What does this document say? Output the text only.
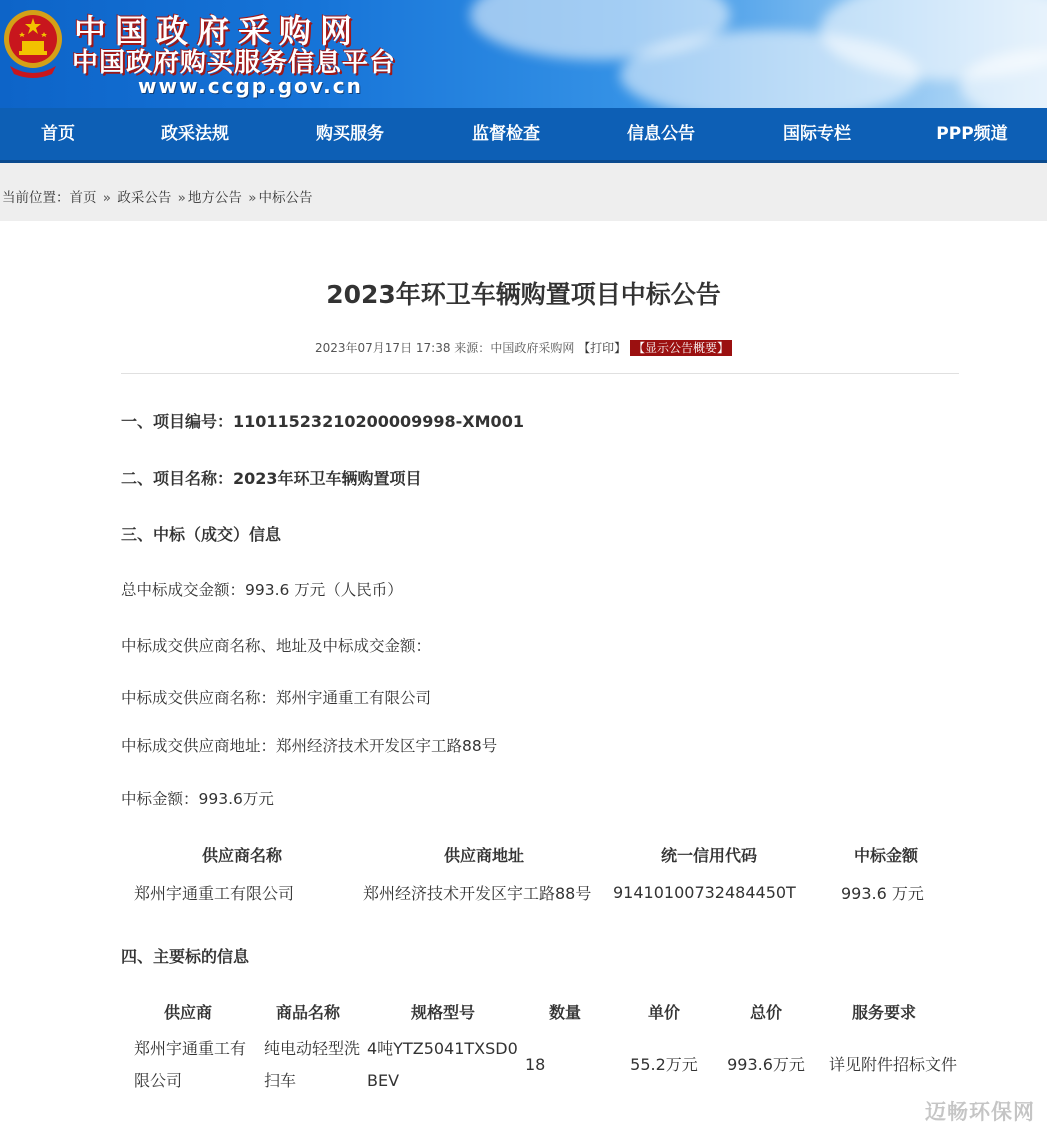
中国政府采购网
中国政府购买服务信息平台
www.ccgp.gov.cn
首页	政采法规	购买服务	监督检查	信息公告	国际专栏	PPP频道
当前位置：首页 » 政采公告 » 地方公告 » 中标公告
2023年环卫车辆购置项目中标公告
2023年07月17日 17:38 来源：中国政府采购网 【打印】 【显示公告概要】
一、项目编号：11011523210200009998-XM001
二、项目名称：2023年环卫车辆购置项目
三、中标（成交）信息
总中标成交金额：993.6 万元（人民币）
中标成交供应商名称、地址及中标成交金额：
中标成交供应商名称：郑州宇通重工有限公司
中标成交供应商地址：郑州经济技术开发区宇工路88号
中标金额：993.6万元
供应商名称	供应商地址	统一信用代码	中标金额
郑州宇通重工有限公司	郑州经济技术开发区宇工路88号	91410100732484450T	993.6 万元
四、主要标的信息
供应商	商品名称	规格型号	数量	单价	总价	服务要求
郑州宇通重工有限公司	纯电动轻型洗扫车	4吨YTZ5041TXSD0BEV	18	55.2万元	993.6万元	详见附件招标文件
迈畅环保网
